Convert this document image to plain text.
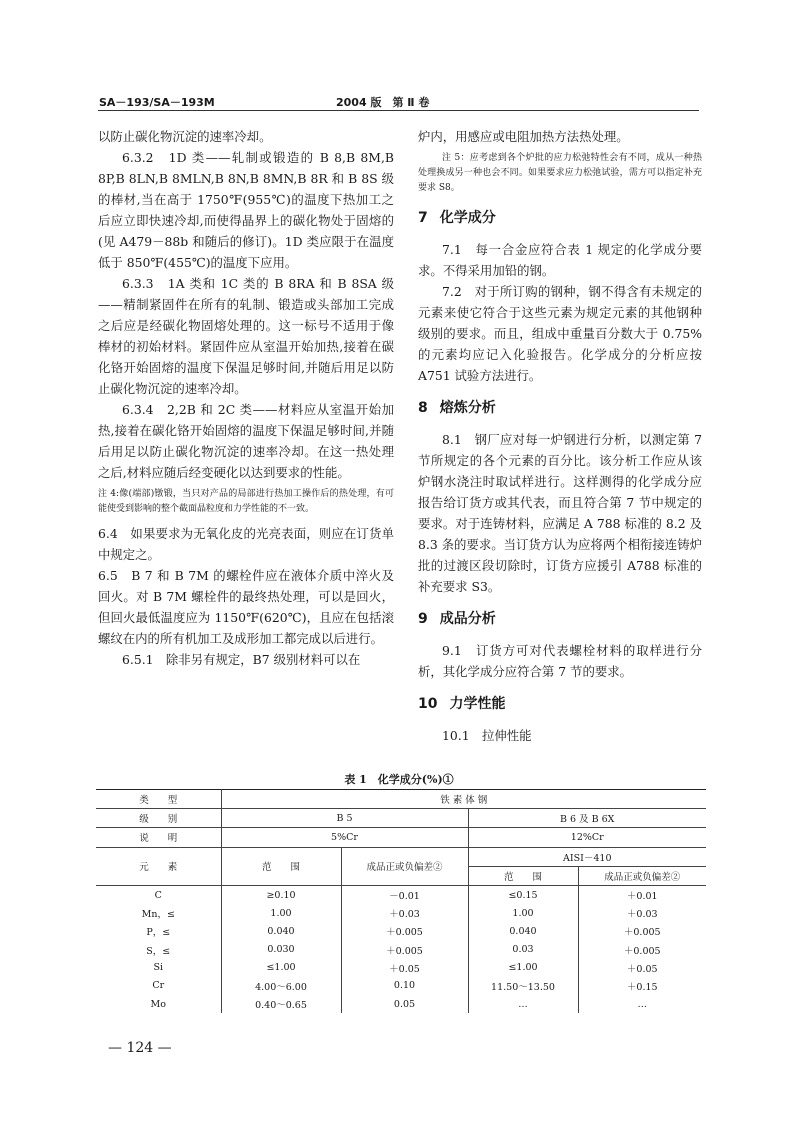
SA－193/SA－193M	2004 版　第 Ⅱ 卷

以防止碳化物沉淀的速率冷却。

6.3.2　1D 类——轧制或锻造的 B 8,B 8M,B 8P,B 8LN,B 8MLN,B 8N,B 8MN,B 8R 和 B 8S 级的棒材,当在高于 1750℉(955℃)的温度下热加工之后应立即快速冷却,而使得晶界上的碳化物处于固熔的(见 A479－88b 和随后的修订)。1D 类应限于在温度低于 850℉(455℃)的温度下应用。

6.3.3　1A 类和 1C 类的 B 8RA 和 B 8SA 级——精制紧固件在所有的轧制、锻造或头部加工完成之后应是经碳化物固熔处理的。这一标号不适用于像棒材的初始材料。紧固件应从室温开始加热,接着在碳化铬开始固熔的温度下保温足够时间,并随后用足以防止碳化物沉淀的速率冷却。

6.3.4　2,2B 和 2C 类——材料应从室温开始加热,接着在碳化铬开始固熔的温度下保温足够时间,并随后用足以防止碳化物沉淀的速率冷却。在这一热处理之后,材料应随后经变硬化以达到要求的性能。

注 4:像(端部)镦锻，当只对产品的局部进行热加工操作后的热处理，有可能使受到影响的整个截面晶粒度和力学性能的不一致。

6.4　如果要求为无氧化皮的光亮表面，则应在订货单中规定之。

6.5　B 7 和 B 7M 的螺栓件应在液体介质中淬火及回火。对 B 7M 螺栓件的最终热处理，可以是回火，但回火最低温度应为 1150℉(620℃)，且应在包括滚螺纹在内的所有机加工及成形加工都完成以后进行。

6.5.1　除非另有规定，B7 级别材料可以在

炉内，用感应或电阻加热方法热处理。

注 5：应考虑到各个炉批的应力松弛特性会有不同，成从一种热处理换成另一种也会不同。如果要求应力松弛试验，需方可以指定补充要求 S8。

7 化学成分

7.1　每一合金应符合表 1 规定的化学成分要求。不得采用加铅的钢。

7.2　对于所订购的钢种，钢不得含有未规定的元素来使它符合于这些元素为规定元素的其他钢种级别的要求。而且，组成中重量百分数大于 0.75% 的元素均应记入化验报告。化学成分的分析应按 A751 试验方法进行。

8 熔炼分析

8.1　钢厂应对每一炉钢进行分析，以测定第 7 节所规定的各个元素的百分比。该分析工作应从该炉钢水浇注时取试样进行。这样测得的化学成分应报告给订货方或其代表，而且符合第 7 节中规定的要求。对于连铸材料，应满足 A 788 标准的 8.2 及 8.3 条的要求。当订货方认为应将两个相衔接连铸炉批的过渡区段切除时，订货方应援引 A788 标准的补充要求 S3。

9 成品分析

9.1　订货方可对代表螺栓材料的取样进行分析，其化学成分应符合第 7 节的要求。

10 力学性能

10.1　拉伸性能

表 1　化学成分(%)①
类　　型	铁 素 体 钢			
级　　别	B 5		B 6 及 B 6X	
说　　明	5%Cr		12%Cr	
元　　素	范　　围	成品正或负偏差②	AISI－410	
			范　　围	成品正或负偏差②
C	≥0.10	－0.01	≤0.15	＋0.01
Mn，≤	1.00	＋0.03	1.00	＋0.03
P，≤	0.040	＋0.005	0.040	＋0.005
S，≤	0.030	＋0.005	0.03	＋0.005
Si	≤1.00	＋0.05	≤1.00	＋0.05
Cr	4.00～6.00	0.10	11.50～13.50	＋0.15
Mo	0.40～0.65	0.05	…	…
— 124 —
